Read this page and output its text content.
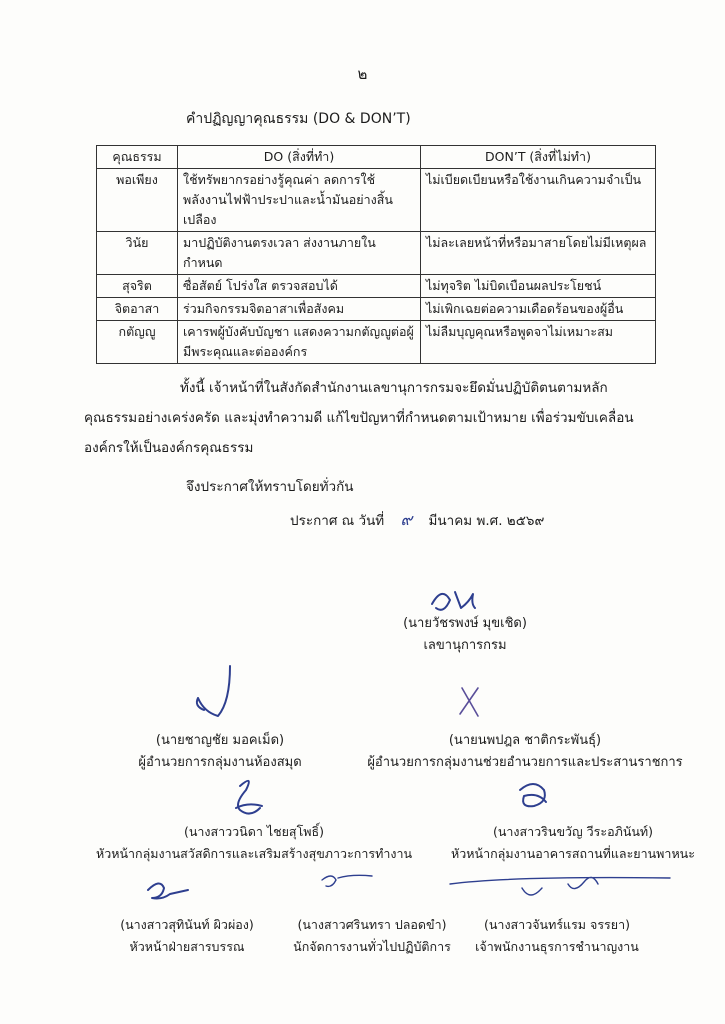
๒
คำปฏิญญาคุณธรรม (DO & DON’T)
คุณธรรม	DO (สิ่งที่ทำ)	DON’T (สิ่งที่ไม่ทำ)
พอเพียง	ใช้ทรัพยากรอย่างรู้คุณค่า ลดการใช้พลังงานไฟฟ้าประปาและน้ำมันอย่างสิ้นเปลือง	ไม่เบียดเบียนหรือใช้งานเกินความจำเป็น
วินัย	มาปฏิบัติงานตรงเวลา ส่งงานภายในกำหนด	ไม่ละเลยหน้าที่หรือมาสายโดยไม่มีเหตุผล
สุจริต	ซื่อสัตย์ โปร่งใส ตรวจสอบได้	ไม่ทุจริต ไม่บิดเบือนผลประโยชน์
จิตอาสา	ร่วมกิจกรรมจิตอาสาเพื่อสังคม	ไม่เพิกเฉยต่อความเดือดร้อนของผู้อื่น
กตัญญู	เคารพผู้บังคับบัญชา แสดงความกตัญญูต่อผู้มีพระคุณและต่อองค์กร	ไม่ลืมบุญคุณหรือพูดจาไม่เหมาะสม
ทั้งนี้ เจ้าหน้าที่ในสังกัดสำนักงานเลขานุการกรมจะยึดมั่นปฏิบัติตนตามหลักคุณธรรมอย่างเคร่งครัด และมุ่งทำความดี แก้ไขปัญหาที่กำหนดตามเป้าหมาย เพื่อร่วมขับเคลื่อนองค์กรให้เป็นองค์กรคุณธรรม
จึงประกาศให้ทราบโดยทั่วกัน
ประกาศ ณ วันที่ ๙ มีนาคม พ.ศ. ๒๕๖๙
(นายวัชรพงษ์ มุขเชิด)
เลขานุการกรม
(นายชาญชัย มอคเม็ด)
ผู้อำนวยการกลุ่มงานห้องสมุด
(นายนพปฎล ชาติกระพันธุ์)
ผู้อำนวยการกลุ่มงานช่วยอำนวยการและประสานราชการ
(นางสาววนิดา ไชยสุโพธิ์)
หัวหน้ากลุ่มงานสวัสดิการและเสริมสร้างสุขภาวะการทำงาน
(นางสาวรินขวัญ วีระอภินันท์)
หัวหน้ากลุ่มงานอาคารสถานที่และยานพาหนะ
(นางสาวสุทินันท์ ผิวผ่อง)
หัวหน้าฝ่ายสารบรรณ
(นางสาวศรินทรา ปลอดขำ)
นักจัดการงานทั่วไปปฏิบัติการ
(นางสาวจันทร์แรม จรรยา)
เจ้าพนักงานธุรการชำนาญงาน
